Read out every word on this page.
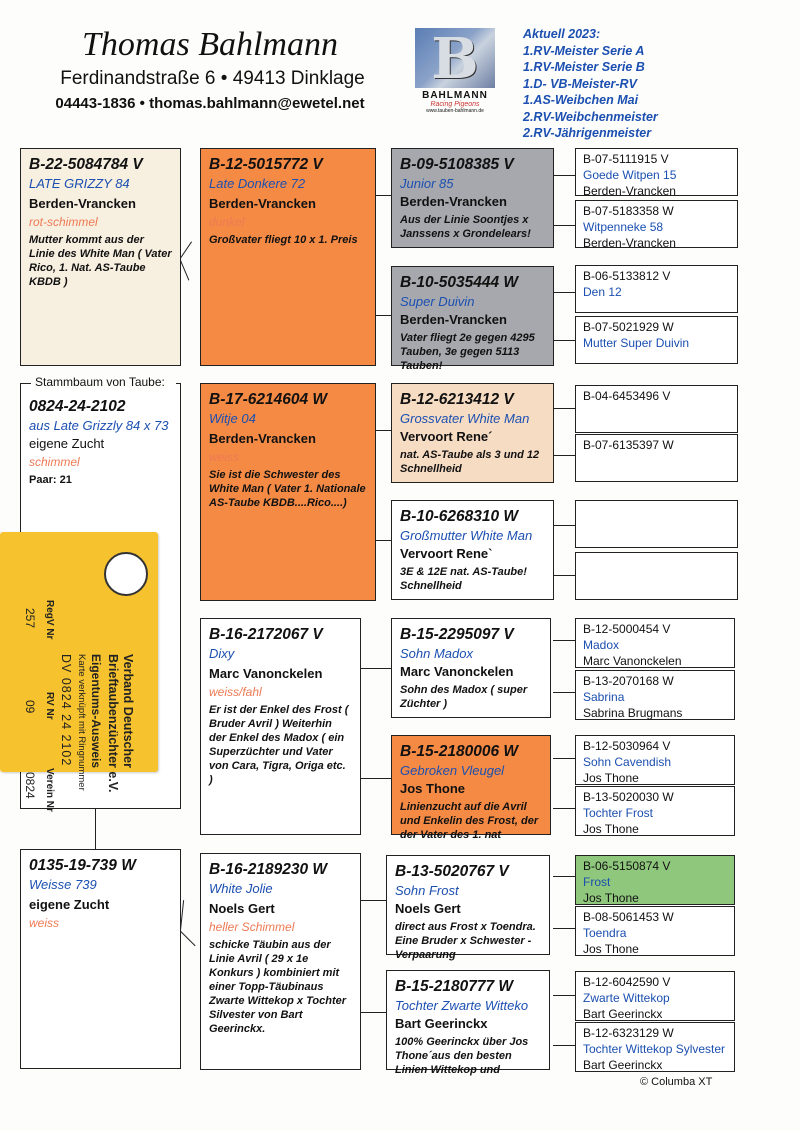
Thomas Bahlmann
Ferdinandstraße 6 • 49413 Dinklage
04443-1836 • thomas.bahlmann@ewetel.net
B
BAHLMANN
Racing Pigeons
www.tauben-bahlmann.de
Aktuell 2023:
1.RV-Meister Serie A
1.RV-Meister Serie B
1.D- VB-Meister-RV
1.AS-Weibchen Mai
2.RV-Weibchenmeister
2.RV-Jährigenmeister
B-22-5084784 V
LATE GRIZZY 84
Berden-Vrancken
rot-schimmel
Mutter kommt aus der Linie des White Man ( Vater Rico, 1. Nat. AS-Taube KBDB )
Stammbaum von Taube:
0824-24-2102
aus Late Grizzly 84 x 73
eigene Zucht
schimmel
Paar: 21
Verband Deutscher
Brieftaubenzüchter e.V.
Eigentums-Ausweis
Karte verknüpft mit Ringnummer
DV 0824 24 2102
RegV Nr
RV Nr
Verein Nr
257
09
0824
0135-19-739 W
Weisse 739
eigene Zucht
weiss
B-12-5015772 V
Late Donkere 72
Berden-Vrancken
dunkel
Großvater fliegt 10 x 1. Preis
B-17-6214604 W
Witje 04
Berden-Vrancken
weiss
Sie ist die Schwester des White Man ( Vater 1. Nationale AS-Taube KBDB....Rico....)
B-16-2172067 V
Dixy
Marc Vanonckelen
weiss/fahl
Er ist der Enkel des Frost ( Bruder Avril ) Weiterhin der Enkel des Madox ( ein Superzüchter und Vater von Cara, Tigra, Origa etc. )
B-16-2189230 W
White Jolie
Noels Gert
heller Schimmel
schicke Täubin aus der Linie Avril ( 29 x 1e Konkurs ) kombiniert mit einer Topp-Täubinaus Zwarte Wittekop x Tochter Silvester von Bart Geerinckx.
B-09-5108385 V
Junior 85
Berden-Vrancken
Aus der Linie Soontjes x Janssens x Grondelears!
B-10-5035444 W
Super Duivin
Berden-Vrancken
Vater fliegt 2e gegen 4295 Tauben, 3e gegen 5113 Tauben!
B-12-6213412 V
Grossvater White Man
Vervoort Rene´
nat. AS-Taube als 3 und 12 Schnellheid
B-10-6268310 W
Großmutter White Man
Vervoort Rene`
3E & 12E nat. AS-Taube! Schnellheid
B-15-2295097 V
Sohn Madox
Marc Vanonckelen
Sohn des Madox ( super Züchter )
B-15-2180006 W
Gebroken Vleugel
Jos Thone
Linienzucht auf die Avril und Enkelin des Frost, der der Vater des 1. nat
B-13-5020767 V
Sohn Frost
Noels Gert
direct aus Frost x Toendra. Eine Bruder x Schwester - Verpaarung
B-15-2180777 W
Tochter Zwarte Witteko
Bart Geerinckx
100% Geerinckx über Jos Thone´aus den besten Linien Wittekop und
B-07-5111915 V
Goede Witpen 15
Berden-Vrancken
B-07-5183358 W
Witpenneke 58
Berden-Vrancken
B-06-5133812 V
Den 12
B-07-5021929 W
Mutter Super Duivin
B-04-6453496 V
B-07-6135397 W
B-12-5000454 V
Madox
Marc Vanonckelen
B-13-2070168 W
Sabrina
Sabrina Brugmans
B-12-5030964 V
Sohn Cavendish
Jos Thone
B-13-5020030 W
Tochter Frost
Jos Thone
B-06-5150874 V
Frost
Jos Thone
B-08-5061453 W
Toendra
Jos Thone
B-12-6042590 V
Zwarte Wittekop
Bart Geerinckx
B-12-6323129 W
Tochter Wittekop Sylvester
Bart Geerinckx
© Columba XT
